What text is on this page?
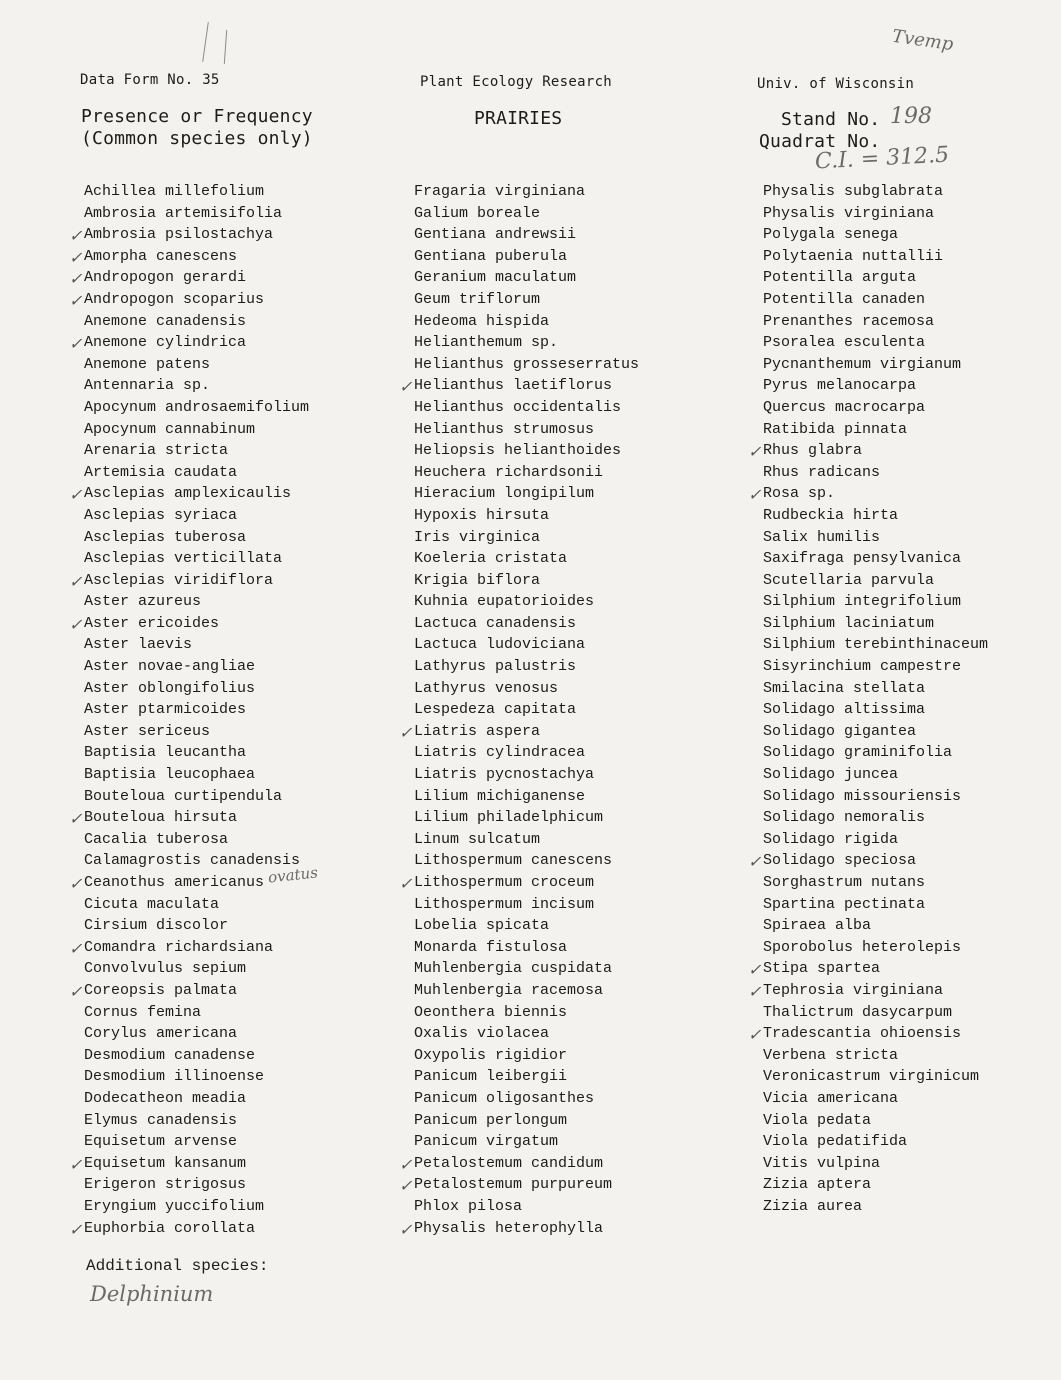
Data Form No. 35	Plant Ecology Research	Univ. of Wisconsin
Presence or Frequency
(Common species only)
PRAIRIES	Stand No.
Quadrat No.
Tvemp
198
C.I. = 312.5
Achillea millefolium
Ambrosia artemisifolia
✓ Ambrosia psilostachya
✓ Amorpha canescens
✓ Andropogon gerardi
✓ Andropogon scoparius
Anemone canadensis
✓ Anemone cylindrica
Anemone patens
Antennaria sp.
Apocynum androsaemifolium
Apocynum cannabinum
Arenaria stricta
Artemisia caudata
✓ Asclepias amplexicaulis
Asclepias syriaca
Asclepias tuberosa
Asclepias verticillata
✓ Asclepias viridiflora
Aster azureus
✓ Aster ericoides
Aster laevis
Aster novae-angliae
Aster oblongifolius
Aster ptarmicoides
Aster sericeus
Baptisia leucantha
Baptisia leucophaea
Bouteloua curtipendula
✓ Bouteloua hirsuta
Cacalia tuberosa
Calamagrostis canadensis
✓ Ceanothus americanus
Cicuta maculata
Cirsium discolor
✓ Comandra richardsiana
Convolvulus sepium
✓ Coreopsis palmata
Cornus femina
Corylus americana
Desmodium canadense
Desmodium illinoense
Dodecatheon meadia
Elymus canadensis
Equisetum arvense
✓ Equisetum kansanum
Erigeron strigosus
Eryngium yuccifolium
✓ Euphorbia corollata
Fragaria virginiana
Galium boreale
Gentiana andrewsii
Gentiana puberula
Geranium maculatum
Geum triflorum
Hedeoma hispida
Helianthemum sp.
Helianthus grosseserratus
✓ Helianthus laetiflorus
Helianthus occidentalis
Helianthus strumosus
Heliopsis helianthoides
Heuchera richardsonii
Hieracium longipilum
Hypoxis hirsuta
Iris virginica
Koeleria cristata
Krigia biflora
Kuhnia eupatorioides
Lactuca canadensis
Lactuca ludoviciana
Lathyrus palustris
Lathyrus venosus
Lespedeza capitata
✓ Liatris aspera
Liatris cylindracea
Liatris pycnostachya
Lilium michiganense
Lilium philadelphicum
Linum sulcatum
Lithospermum canescens
✓ Lithospermum croceum
Lithospermum incisum
Lobelia spicata
Monarda fistulosa
Muhlenbergia cuspidata
Muhlenbergia racemosa
Oeonthera biennis
Oxalis violacea
Oxypolis rigidior
Panicum leibergii
Panicum oligosanthes
Panicum perlongum
Panicum virgatum
✓ Petalostemum candidum
✓ Petalostemum purpureum
Phlox pilosa
✓ Physalis heterophylla
Physalis subglabrata
Physalis virginiana
Polygala senega
Polytaenia nuttallii
Potentilla arguta
Potentilla canaden
Prenanthes racemosa
Psoralea esculenta
Pycnanthemum virgianum
Pyrus melanocarpa
Quercus macrocarpa
Ratibida pinnata
✓ Rhus glabra
Rhus radicans
✓ Rosa sp.
Rudbeckia hirta
Salix humilis
Saxifraga pensylvanica
Scutellaria parvula
Silphium integrifolium
Silphium laciniatum
Silphium terebinthinaceum
Sisyrinchium campestre
Smilacina stellata
Solidago altissima
Solidago gigantea
Solidago graminifolia
Solidago juncea
Solidago missouriensis
Solidago nemoralis
Solidago rigida
✓ Solidago speciosa
Sorghastrum nutans
Spartina pectinata
Spiraea alba
Sporobolus heterolepis
✓ Stipa spartea
✓ Tephrosia virginiana
Thalictrum dasycarpum
✓ Tradescantia ohioensis
Verbena stricta
Veronicastrum virginicum
Vicia americana
Viola pedata
Viola pedatifida
Vitis vulpina
Zizia aptera
Zizia aurea
ovatus
Additional species:
Delphinium
